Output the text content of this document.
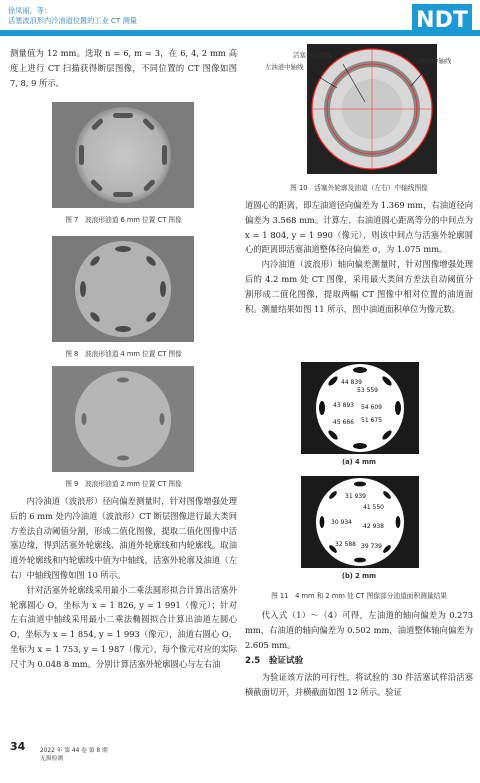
徐凤丽，等：
活塞波浪形内冷油道位置的工业 CT 测量	NDT

测量值为 12 mm。选取 n = 6, m = 3，在 6, 4, 2 mm 高度上进行 CT 扫描获得断层图像，不同位置的 CT 图像如图 7, 8, 9 所示。

图 7　波浪形油道 6 mm 位置 CT 图像
图 8　波浪形油道 4 mm 位置 CT 图像
图 9　波浪形油道 2 mm 位置 CT 图像

内冷油道（波浪形）径向偏差测量时，针对图像增强处理后的 6 mm 处内冷油道（波浪形）CT 断层图像进行最大类间方差法自动阈值分割，形成二值化图像，提取二值化图像中活塞边缘，得到活塞外轮廓线、油道外轮廓线和内轮廓线。取油道外轮廓线和内轮廓线中值为中轴线，活塞外轮廓及油道（左右）中轴线图像如图 10 所示。

针对活塞外轮廓线采用最小二乘法圆形拟合计算出活塞外轮廓圆心 O，坐标为 x = 1 826, y = 1 991（像元）；针对左右油道中轴线采用最小二乘法椭圆拟合计算出油道左圆心 O，坐标为 x = 1 854, y = 1 993（像元），油道右圆心 O，坐标为 x = 1 753, y = 1 987（像元），每个像元对应的实际尺寸为 0.048 8 mm。分别计算活塞外轮廓圆心与左右油

活塞外轮廓线
左油道中轴线
右油道中轴线
图 10　活塞外轮廓及油道（左右）中轴线图像

道圆心的距离，即左油道径向偏差为 1.369 mm，右油道径向偏差为 3.568 mm。计算左、右油道圆心距离等分的中间点为 x = 1 804, y = 1 990（像元），则该中间点与活塞外轮廓圆心的距离即活塞油道整体径向偏差 σ，为 1.075 mm。

内冷油道（波浪形）轴向偏差测量时，针对图像增强处理后的 4.2 mm 处 CT 图像，采用最大类间方差法自动阈值分割形成二值化图像，提取两幅 CT 图像中相对位置的油道面积。测量结果如图 11 所示，图中油道面积单位为像元数。

44 839
53 559
43 893 54 609
45 666 51 675
(a) 4 mm
31 939
41 550
30 934
42 938
32 588 39 739
(b) 2 mm
图 11　4 mm 和 2 mm 处 CT 图像部分油道面积测量结果

代入式（1）～（4）可得，左油道的轴向偏差为 0.273 mm，右油道的轴向偏差为 0.502 mm，油道整体轴向偏差为 2.605 mm。

2.5　验证试验

为验证该方法的可行性，将试验的 30 件活塞试样沿活塞横截面切开，并横截面如图 12 所示。验证

34	2022 年 第 44 卷 第 8 期
无损检测
